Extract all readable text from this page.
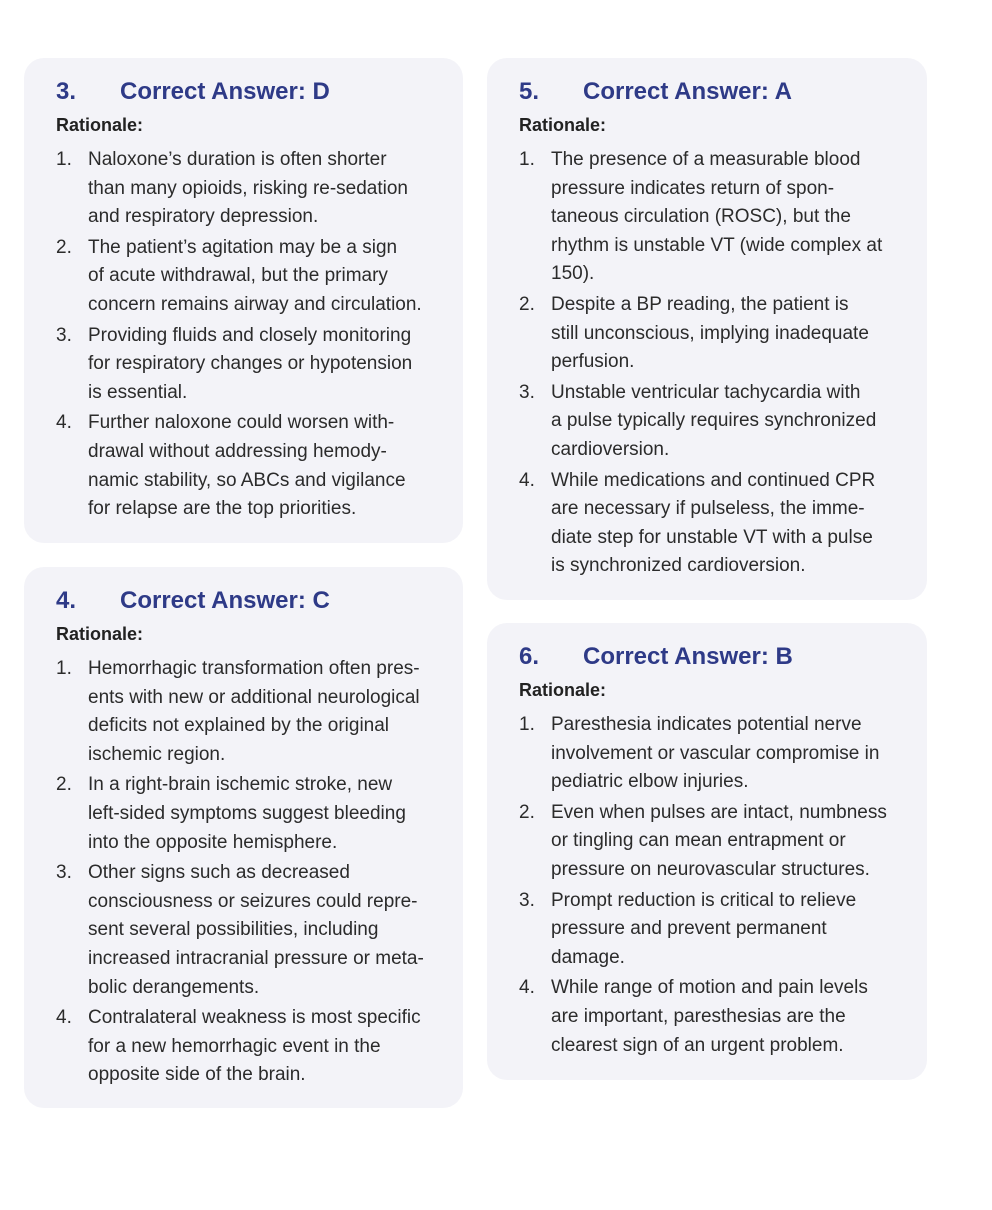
3.	Correct Answer: D
Rationale:
1. Naloxone’s duration is often shorter
than many opioids, risking re-sedation
and respiratory depression.
2. The patient’s agitation may be a sign
of acute withdrawal, but the primary
concern remains airway and circulation.
3. Providing fluids and closely monitoring
for respiratory changes or hypotension
is essential.
4. Further naloxone could worsen with-
drawal without addressing hemody-
namic stability, so ABCs and vigilance
for relapse are the top priorities.
4.	Correct Answer: C
Rationale:
1. Hemorrhagic transformation often pres-
ents with new or additional neurological
deficits not explained by the original
ischemic region.
2. In a right-brain ischemic stroke, new
left-sided symptoms suggest bleeding
into the opposite hemisphere.
3. Other signs such as decreased
consciousness or seizures could repre-
sent several possibilities, including
increased intracranial pressure or meta-
bolic derangements.
4. Contralateral weakness is most specific
for a new hemorrhagic event in the
opposite side of the brain.
5.	Correct Answer: A
Rationale:
1. The presence of a measurable blood
pressure indicates return of spon-
taneous circulation (ROSC), but the
rhythm is unstable VT (wide complex at
150).
2. Despite a BP reading, the patient is
still unconscious, implying inadequate
perfusion.
3. Unstable ventricular tachycardia with
a pulse typically requires synchronized
cardioversion.
4. While medications and continued CPR
are necessary if pulseless, the imme-
diate step for unstable VT with a pulse
is synchronized cardioversion.
6.	Correct Answer: B
Rationale:
1. Paresthesia indicates potential nerve
involvement or vascular compromise in
pediatric elbow injuries.
2. Even when pulses are intact, numbness
or tingling can mean entrapment or
pressure on neurovascular structures.
3. Prompt reduction is critical to relieve
pressure and prevent permanent
damage.
4. While range of motion and pain levels
are important, paresthesias are the
clearest sign of an urgent problem.
